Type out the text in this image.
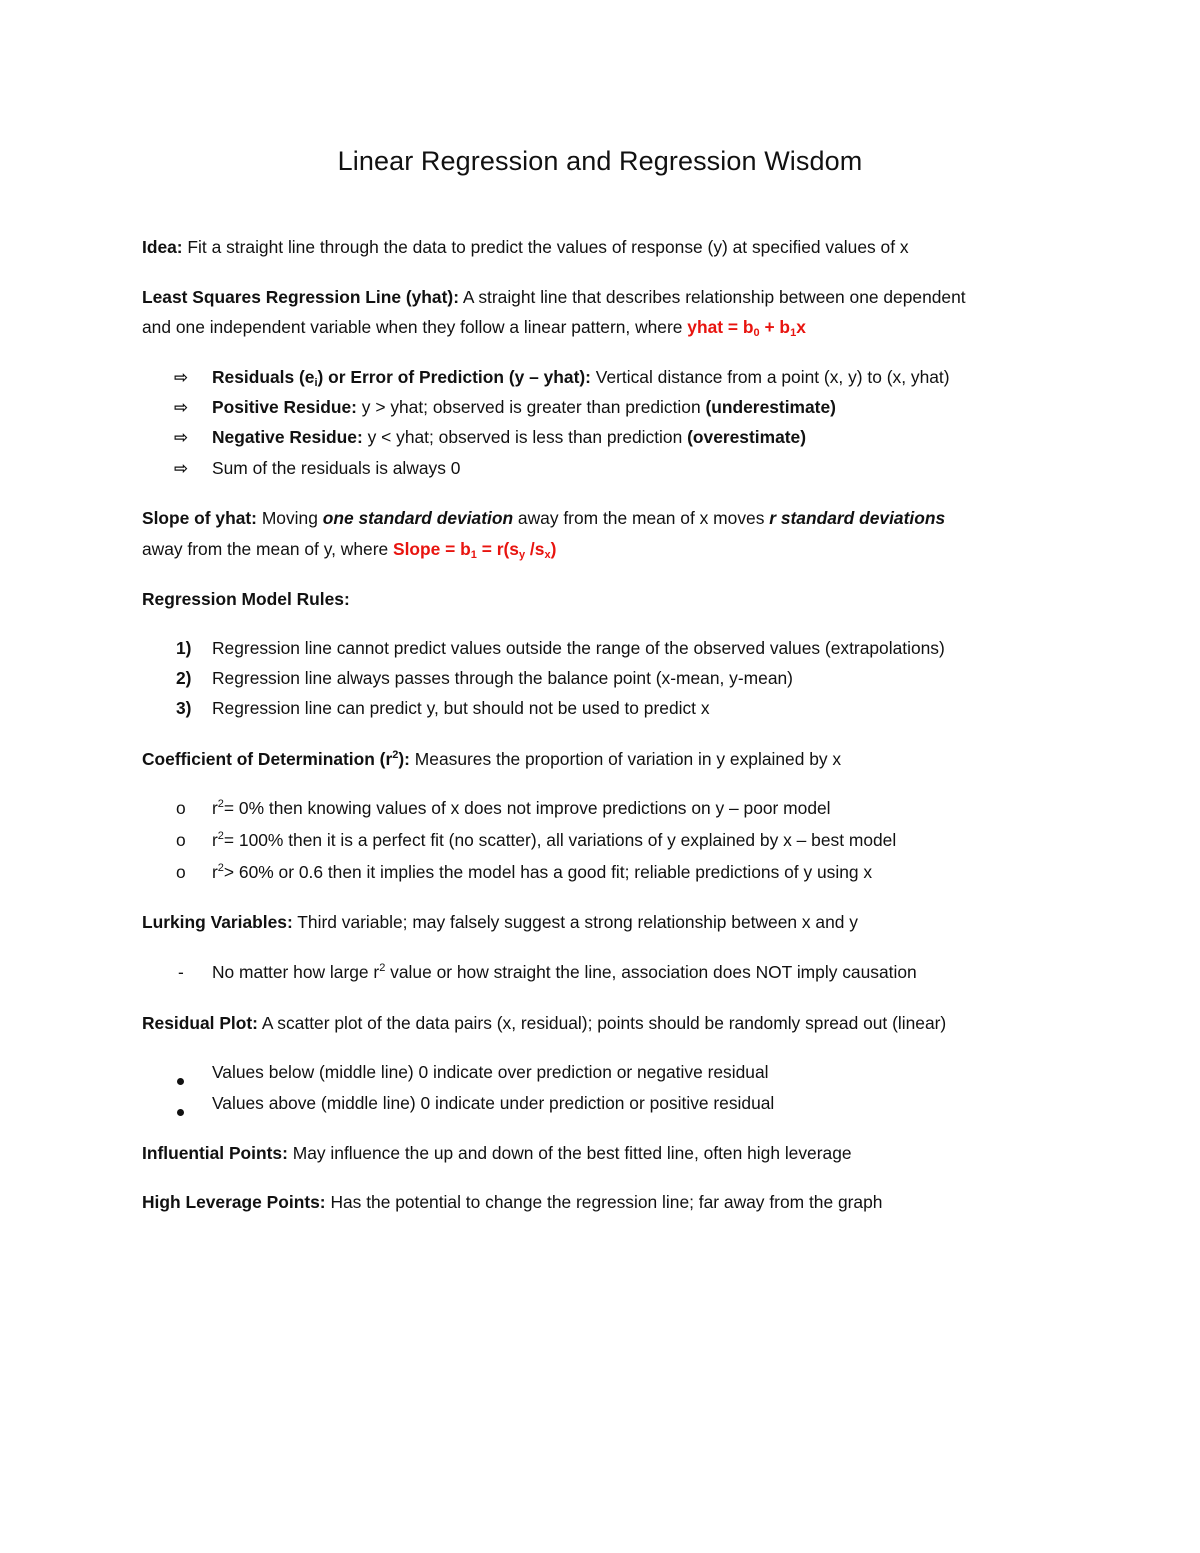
Linear Regression and Regression Wisdom
Idea: Fit a straight line through the data to predict the values of response (y) at specified values of x
Least Squares Regression Line (yhat): A straight line that describes relationship between one dependent
and one independent variable when they follow a linear pattern, where yhat = $b_0 + b_1x$
⇨ Residuals $(e_i)$ or Error of Prediction (y – yhat): Vertical distance from a point (x, y) to (x, yhat)
⇨ Positive Residue: y > yhat; observed is greater than prediction (underestimate)
⇨ Negative Residue: y < yhat; observed is less than prediction (overestimate)
⇨ Sum of the residuals is always 0
Slope of yhat: Moving one standard deviation away from the mean of x moves r standard deviations
away from the mean of y, where Slope = $b_1 = r(s_y$ $/s_x$)
Regression Model Rules:
1) Regression line cannot predict values outside the range of the observed values (extrapolations)
2) Regression line always passes through the balance point (x-mean, y-mean)
3) Regression line can predict y, but should not be used to predict x
Coefficient of Determination $(r^2)$: Measures the proportion of variation in y explained by x
o $r^2= 0\%$ then knowing values of x does not improve predictions on y – poor model
o $r^2= 100\%$ then it is a perfect fit (no scatter), all variations of y explained by x – best model
o $r^2> 60\%$ or 0.6 then it implies the model has a good fit; reliable predictions of y using x
Lurking Variables: Third variable; may falsely suggest a strong relationship between x and y
- No matter how large $r^2$ value or how straight the line, association does NOT imply causation
Residual Plot: A scatter plot of the data pairs (x, residual); points should be randomly spread out (linear)
Values below (middle line) 0 indicate over prediction or negative residual
Values above (middle line) 0 indicate under prediction or positive residual
Influential Points: May influence the up and down of the best fitted line, often high leverage
High Leverage Points: Has the potential to change the regression line; far away from the graph
